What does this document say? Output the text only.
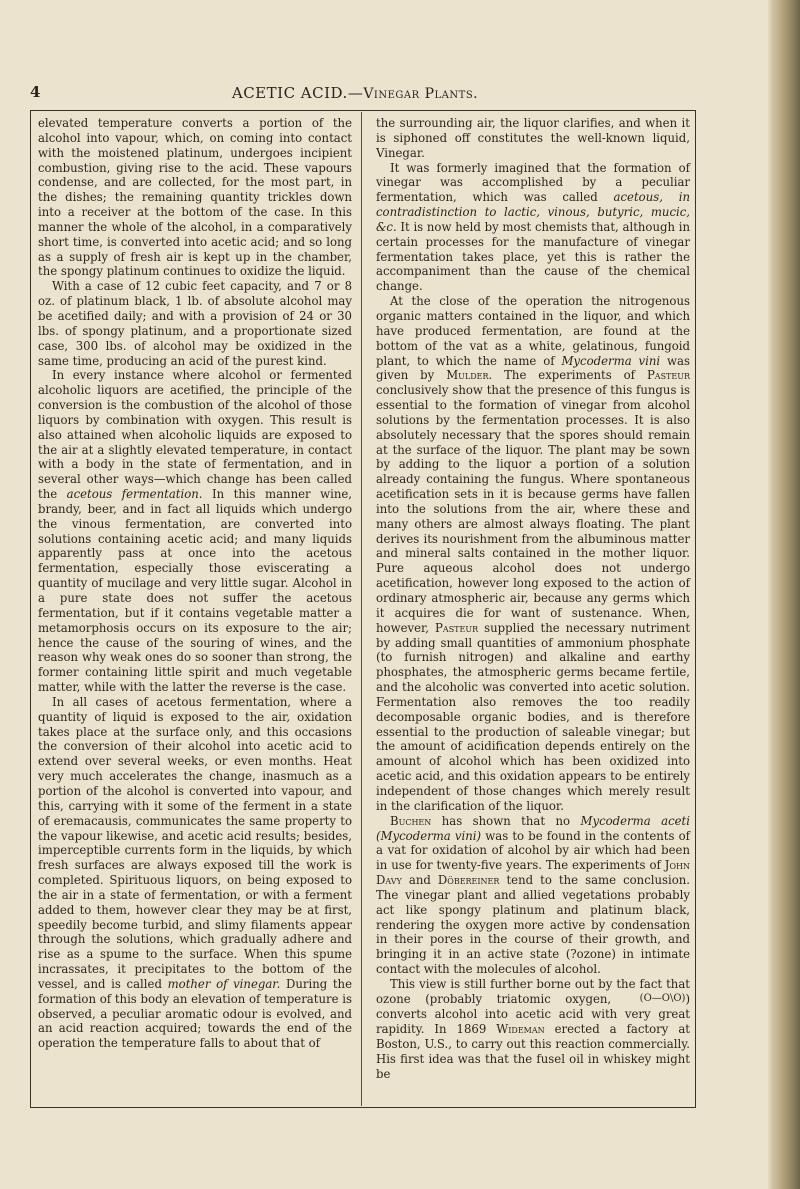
4	ACETIC ACID.—Vinegar Plants.

elevated temperature converts a portion of the alcohol into vapour, which, on coming into contact with the moistened platinum, undergoes incipient combustion, giving rise to the acid. These vapours condense, and are collected, for the most part, in the dishes; the remaining quantity trickles down into a receiver at the bottom of the case. In this manner the whole of the alcohol, in a comparatively short time, is converted into acetic acid; and so long as a supply of fresh air is kept up in the chamber, the spongy platinum continues to oxidize the liquid.

With a case of 12 cubic feet capacity, and 7 or 8 oz. of platinum black, 1 lb. of absolute alcohol may be acetified daily; and with a provision of 24 or 30 lbs. of spongy platinum, and a proportionate sized case, 300 lbs. of alcohol may be oxidized in the same time, producing an acid of the purest kind.

In every instance where alcohol or fermented alcoholic liquors are acetified, the principle of the conversion is the combustion of the alcohol of those liquors by combination with oxygen. This result is also attained when alcoholic liquids are exposed to the air at a slightly elevated temperature, in contact with a body in the state of fermentation, and in several other ways—which change has been called the acetous fermentation. In this manner wine, brandy, beer, and in fact all liquids which undergo the vinous fermentation, are converted into solutions containing acetic acid; and many liquids apparently pass at once into the acetous fermentation, especially those eviscerating a quantity of mucilage and very little sugar. Alcohol in a pure state does not suffer the acetous fermentation, but if it contains vegetable matter a metamorphosis occurs on its exposure to the air; hence the cause of the souring of wines, and the reason why weak ones do so sooner than strong, the former containing little spirit and much vegetable matter, while with the latter the reverse is the case.

In all cases of acetous fermentation, where a quantity of liquid is exposed to the air, oxidation takes place at the surface only, and this occasions the conversion of their alcohol into acetic acid to extend over several weeks, or even months. Heat very much accelerates the change, inasmuch as a portion of the alcohol is converted into vapour, and this, carrying with it some of the ferment in a state of eremacausis, communicates the same property to the vapour likewise, and acetic acid results; besides, imperceptible currents form in the liquids, by which fresh surfaces are always exposed till the work is completed. Spirituous liquors, on being exposed to the air in a state of fermentation, or with a ferment added to them, however clear they may be at first, speedily become turbid, and slimy filaments appear through the solutions, which gradually adhere and rise as a spume to the surface. When this spume incrassates, it precipitates to the bottom of the vessel, and is called mother of vinegar. During the formation of this body an elevation of temperature is observed, a peculiar aromatic odour is evolved, and an acid reaction acquired; towards the end of the operation the temperature falls to about that of

the surrounding air, the liquor clarifies, and when it is siphoned off constitutes the well-known liquid, Vinegar.

It was formerly imagined that the formation of vinegar was accomplished by a peculiar fermentation, which was called acetous, in contradistinction to lactic, vinous, butyric, mucic, &c. It is now held by most chemists that, although in certain processes for the manufacture of vinegar fermentation takes place, yet this is rather the accompaniment than the cause of the chemical change.

At the close of the operation the nitrogenous organic matters contained in the liquor, and which have produced fermentation, are found at the bottom of the vat as a white, gelatinous, fungoid plant, to which the name of Mycoderma vini was given by Mulder. The experiments of Pasteur conclusively show that the presence of this fungus is essential to the formation of vinegar from alcohol solutions by the fermentation processes. It is also absolutely necessary that the spores should remain at the surface of the liquor. The plant may be sown by adding to the liquor a portion of a solution already containing the fungus. Where spontaneous acetification sets in it is because germs have fallen into the solutions from the air, where these and many others are almost always floating. The plant derives its nourishment from the albuminous matter and mineral salts contained in the mother liquor. Pure aqueous alcohol does not undergo acetification, however long exposed to the action of ordinary atmospheric air, because any germs which it acquires die for want of sustenance. When, however, Pasteur supplied the necessary nutriment by adding small quantities of ammonium phosphate (to furnish nitrogen) and alkaline and earthy phosphates, the atmospheric germs became fertile, and the alcoholic was converted into acetic solution. Fermentation also removes the too readily decomposable organic bodies, and is therefore essential to the production of saleable vinegar; but the amount of acidification depends entirely on the amount of alcohol which has been oxidized into acetic acid, and this oxidation appears to be entirely independent of those changes which merely result in the clarification of the liquor.

Buchen has shown that no Mycoderma aceti (Mycoderma vini) was to be found in the contents of a vat for oxidation of alcohol by air which had been in use for twenty-five years. The experiments of John Davy and Döbereiner tend to the same conclusion. The vinegar plant and allied vegetations probably act like spongy platinum and platinum black, rendering the oxygen more active by condensation in their pores in the course of their growth, and bringing it in an active state (?ozone) in intimate contact with the molecules of alcohol.

This view is still further borne out by the fact that ozone (probably triatomic oxygen,	(O—O\O)) converts alcohol into acetic acid with very great rapidity. In 1869 Wideman erected a factory at Boston, U.S., to carry out this reaction commercially. His first idea was that the fusel oil in whiskey might be
